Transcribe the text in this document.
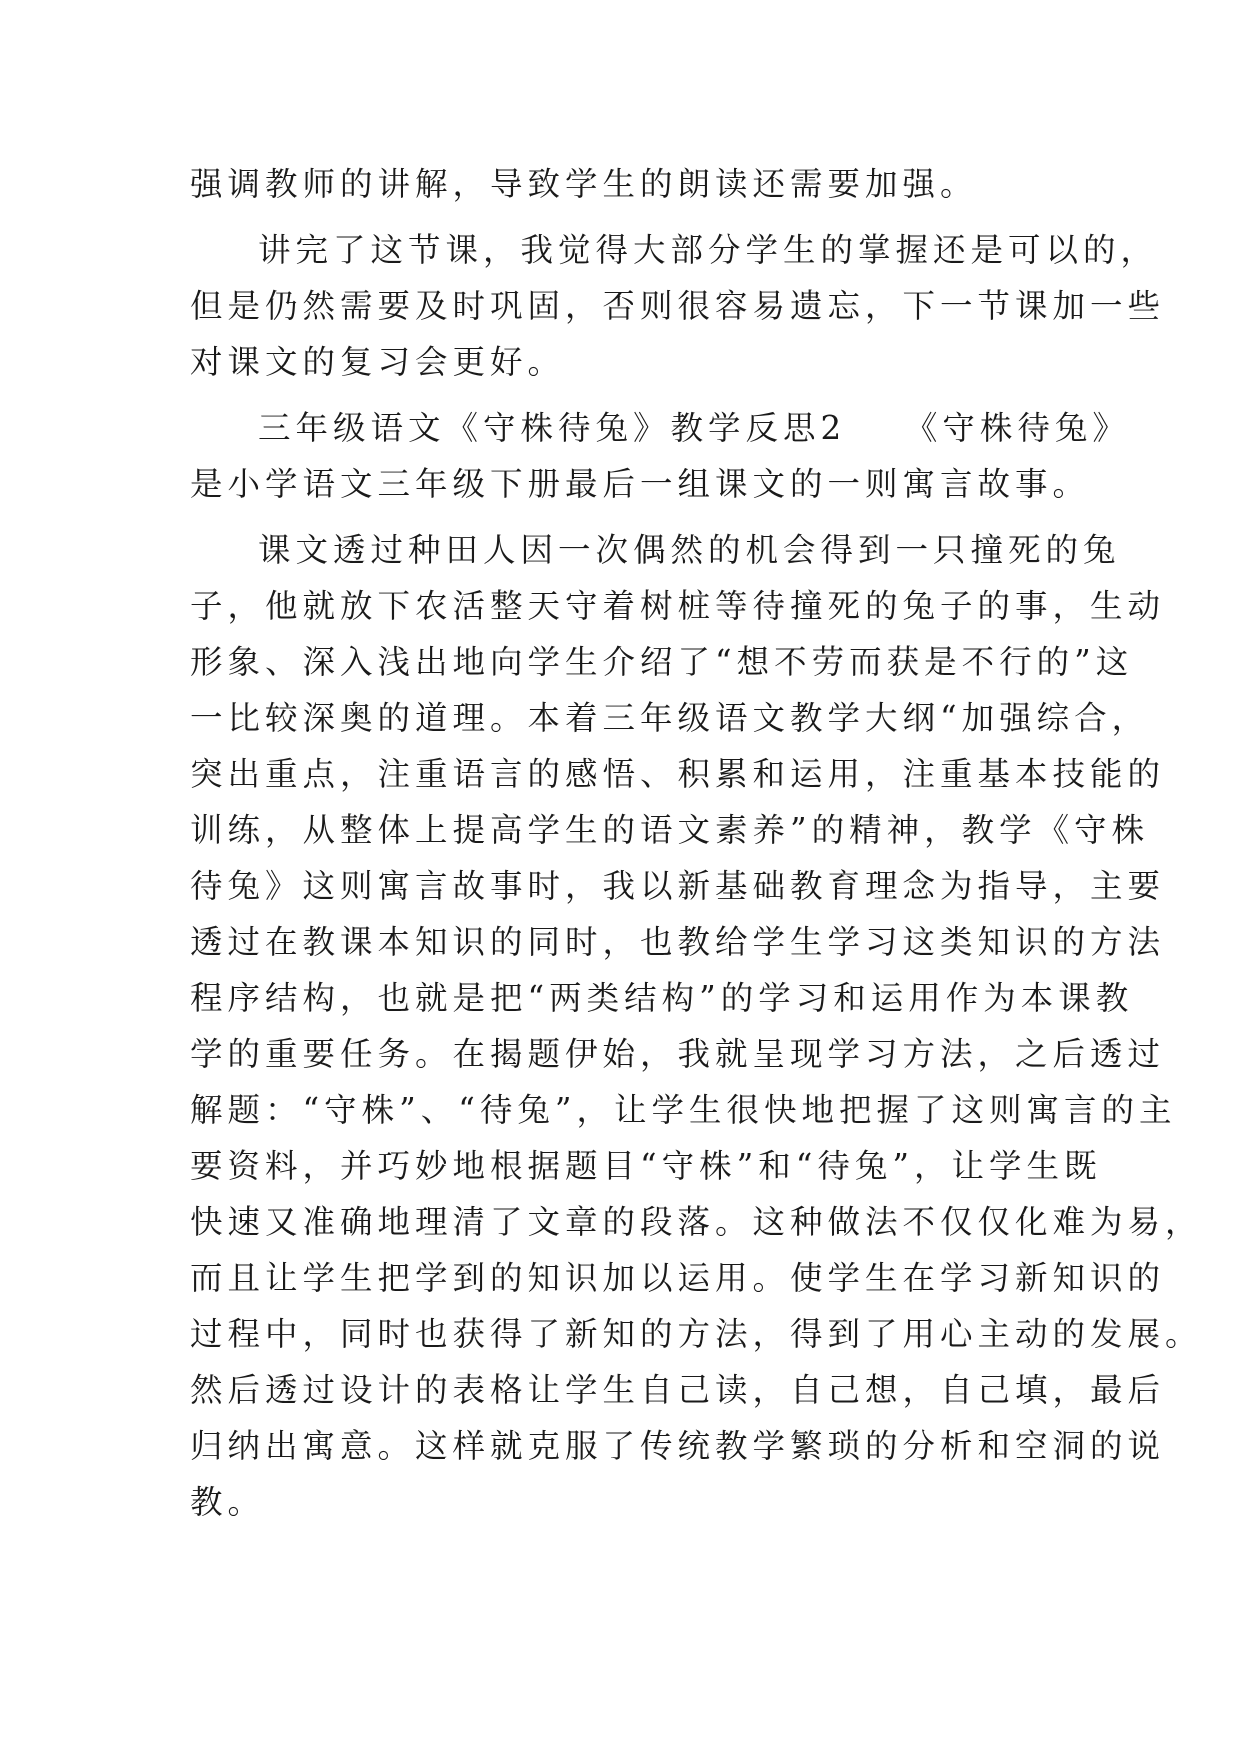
强调教师的讲解，导致学生的朗读还需要加强。
讲完了这节课，我觉得大部分学生的掌握还是可以的，
但是仍然需要及时巩固，否则很容易遗忘，下一节课加一些
对课文的复习会更好。
三年级语文《守株待兔》教学反思2　　《守株待兔》
是小学语文三年级下册最后一组课文的一则寓言故事。
课文透过种田人因一次偶然的机会得到一只撞死的兔
子，他就放下农活整天守着树桩等待撞死的兔子的事，生动
形象、深入浅出地向学生介绍了“想不劳而获是不行的”这
一比较深奥的道理。本着三年级语文教学大纲“加强综合，
突出重点，注重语言的感悟、积累和运用，注重基本技能的
训练，从整体上提高学生的语文素养”的精神，教学《守株
待兔》这则寓言故事时，我以新基础教育理念为指导，主要
透过在教课本知识的同时，也教给学生学习这类知识的方法
程序结构，也就是把“两类结构”的学习和运用作为本课教
学的重要任务。在揭题伊始，我就呈现学习方法，之后透过
解题：“守株”、“待兔”，让学生很快地把握了这则寓言的主
要资料，并巧妙地根据题目“守株”和“待兔”，让学生既
快速又准确地理清了文章的段落。这种做法不仅仅化难为易，
而且让学生把学到的知识加以运用。使学生在学习新知识的
过程中，同时也获得了新知的方法，得到了用心主动的发展。
然后透过设计的表格让学生自己读，自己想，自己填，最后
归纳出寓意。这样就克服了传统教学繁琐的分析和空洞的说
教。
